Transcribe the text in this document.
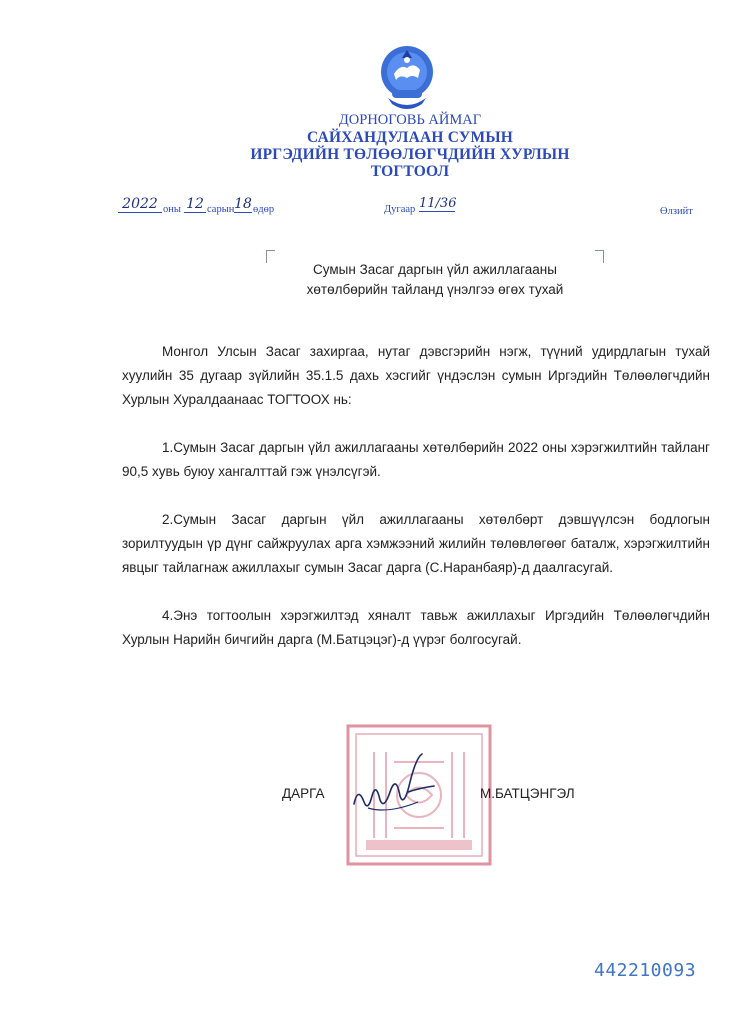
ДОРНОГОВЬ АЙМАГ
САЙХАНДУЛААН СУМЫН
ИРГЭДИЙН ТӨЛӨӨЛӨГЧДИЙН ХУРЛЫН
ТОГТООЛ
2022 оны 12 сарын 18 өдөр	Дугаар 11/36
Өлзийт

Сумын Засаг даргын үйл ажиллагааны
хөтөлбөрийн тайланд үнэлгээ өгөх тухай

Монгол Улсын Засаг захиргаа, нутаг дэвсгэрийн нэгж, түүний удирдлагын тухай хуулийн 35 дугаар зүйлийн 35.1.5 дахь хэсгийг үндэслэн сумын Иргэдийн Төлөөлөгчдийн Хурлын Хуралдаанаас ТОГТООХ нь:

1.Сумын Засаг даргын үйл ажиллагааны хөтөлбөрийн 2022 оны хэрэгжилтийн тайланг 90,5 хувь буюу хангалттай гэж үнэлсүгэй.

2.Сумын Засаг даргын үйл ажиллагааны хөтөлбөрт дэвшүүлсэн бодлогын зорилтуудын үр дүнг сайжруулах арга хэмжээний жилийн төлөвлөгөөг баталж, хэрэгжилтийн явцыг тайлагнаж ажиллахыг сумын Засаг дарга (С.Наранбаяр)-д даалгасугай.

4.Энэ тогтоолын хэрэгжилтэд хяналт тавьж ажиллахыг Иргэдийн Төлөөлөгчдийн Хурлын Нарийн бичгийн дарга (М.Батцэцэг)-д үүрэг болгосугай.

ДАРГА	М.БАТЦЭНГЭЛ
442210093
